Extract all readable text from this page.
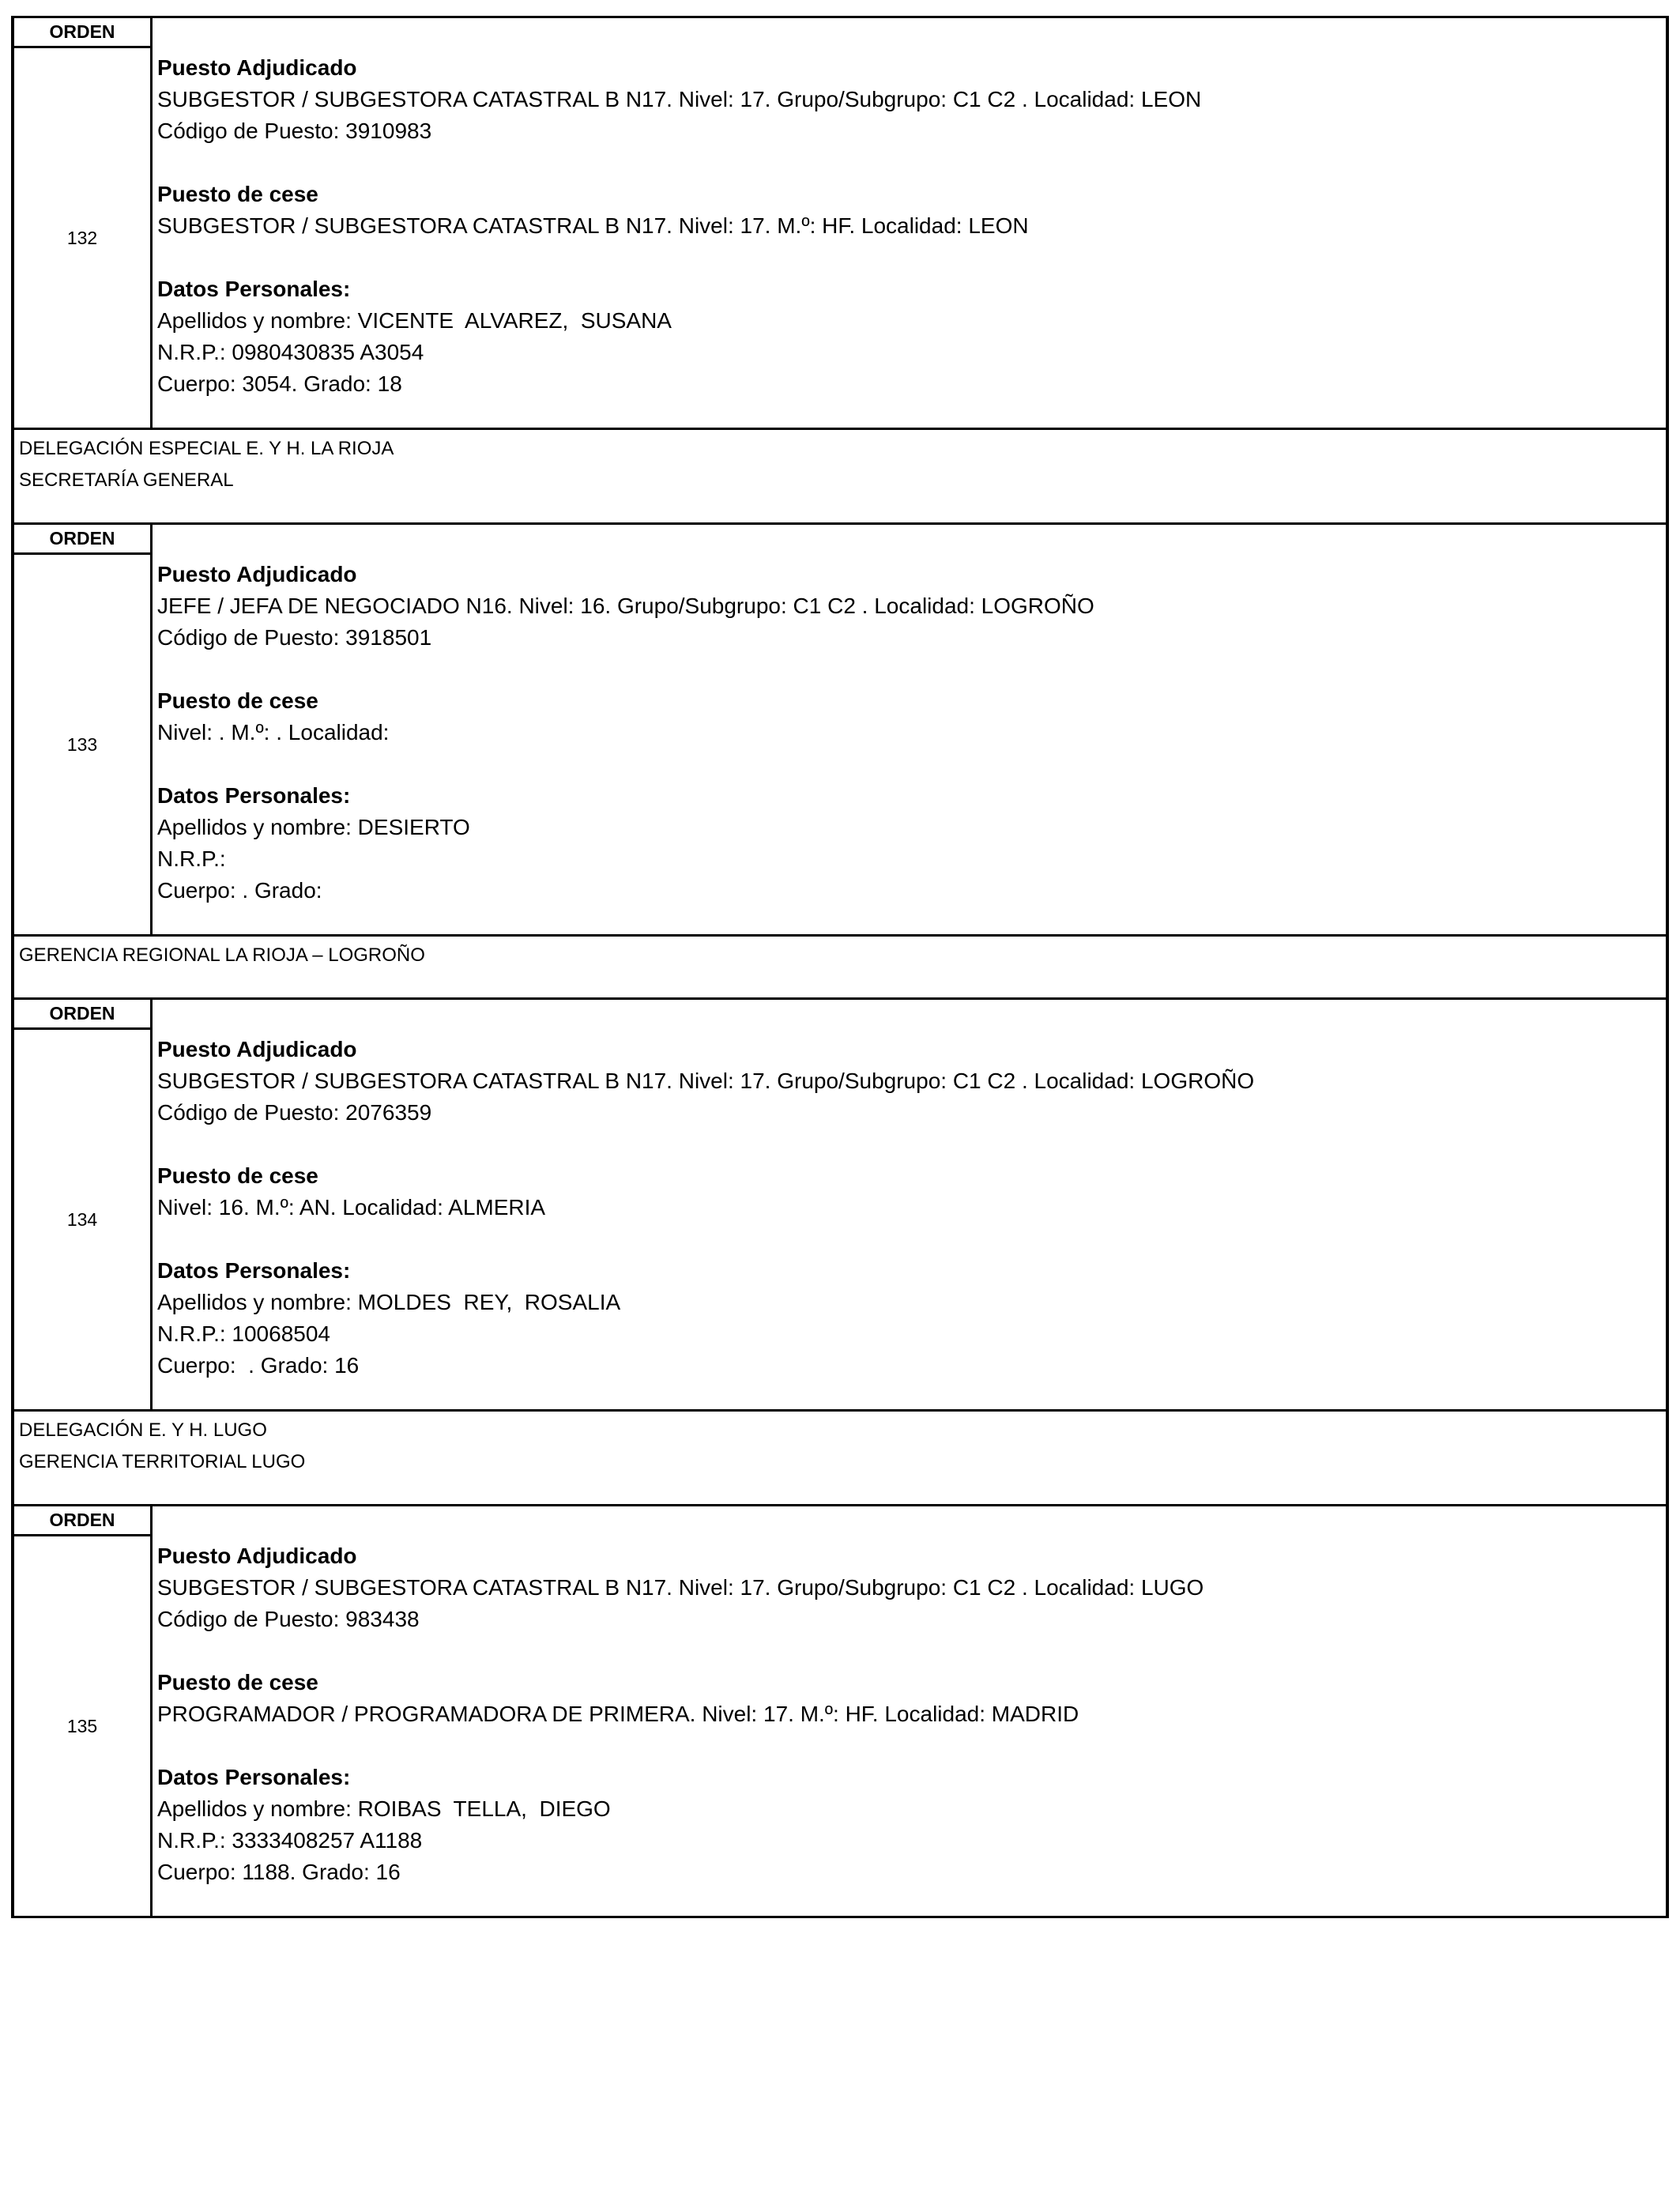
ORDEN
132
Puesto Adjudicado
SUBGESTOR / SUBGESTORA CATASTRAL B N17. Nivel: 17. Grupo/Subgrupo: C1 C2 . Localidad: LEON
Código de Puesto: 3910983
Puesto de cese
SUBGESTOR / SUBGESTORA CATASTRAL B N17. Nivel: 17. M.º: HF. Localidad: LEON
Datos Personales:
Apellidos y nombre: VICENTE  ALVAREZ,  SUSANA
N.R.P.: 0980430835 A3054
Cuerpo: 3054. Grado: 18
DELEGACIÓN ESPECIAL E. Y H. LA RIOJA
SECRETARÍA GENERAL
ORDEN
133
Puesto Adjudicado
JEFE / JEFA DE NEGOCIADO N16. Nivel: 16. Grupo/Subgrupo: C1 C2 . Localidad: LOGROÑO
Código de Puesto: 3918501
Puesto de cese
Nivel: . M.º: . Localidad:
Datos Personales:
Apellidos y nombre: DESIERTO
N.R.P.:
Cuerpo: . Grado:
GERENCIA REGIONAL LA RIOJA – LOGROÑO
ORDEN
134
Puesto Adjudicado
SUBGESTOR / SUBGESTORA CATASTRAL B N17. Nivel: 17. Grupo/Subgrupo: C1 C2 . Localidad: LOGROÑO
Código de Puesto: 2076359
Puesto de cese
Nivel: 16. M.º: AN. Localidad: ALMERIA
Datos Personales:
Apellidos y nombre: MOLDES  REY,  ROSALIA
N.R.P.: 10068504
Cuerpo:  . Grado: 16
DELEGACIÓN E. Y H. LUGO
GERENCIA TERRITORIAL LUGO
ORDEN
135
Puesto Adjudicado
SUBGESTOR / SUBGESTORA CATASTRAL B N17. Nivel: 17. Grupo/Subgrupo: C1 C2 . Localidad: LUGO
Código de Puesto: 983438
Puesto de cese
PROGRAMADOR / PROGRAMADORA DE PRIMERA. Nivel: 17. M.º: HF. Localidad: MADRID
Datos Personales:
Apellidos y nombre: ROIBAS  TELLA,  DIEGO
N.R.P.: 3333408257 A1188
Cuerpo: 1188. Grado: 16
